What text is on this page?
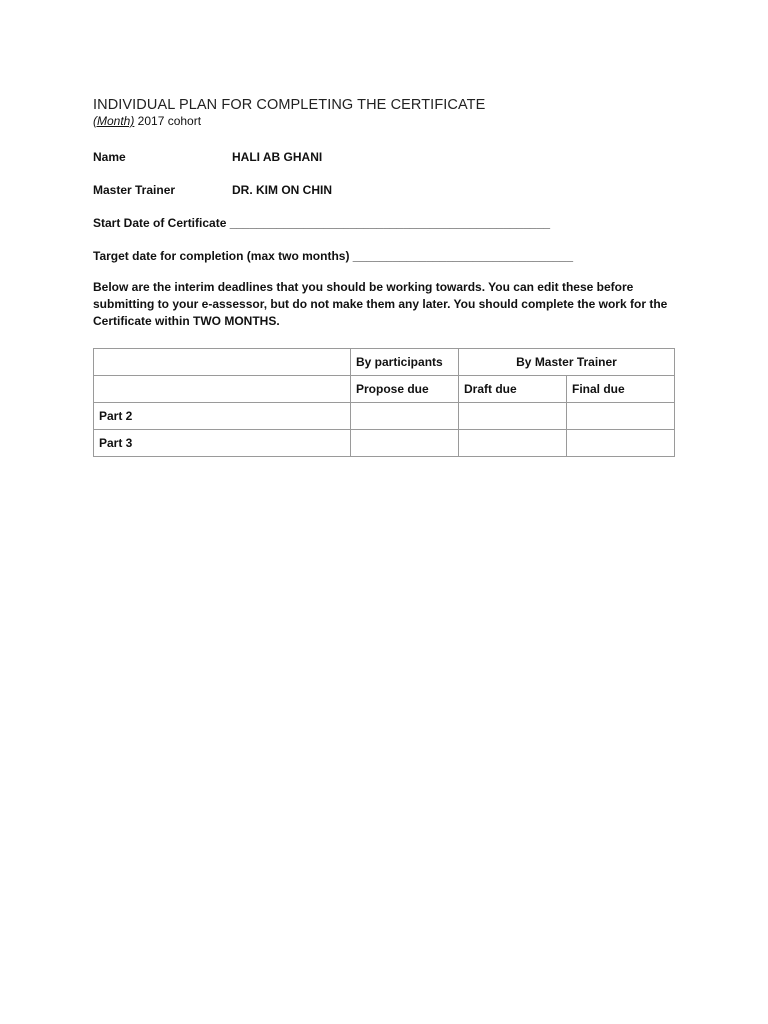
INDIVIDUAL PLAN FOR COMPLETING THE CERTIFICATE
(Month) 2017 cohort
Name	HALI AB GHANI
Master Trainer	DR. KIM ON CHIN
Start Date of Certificate ________________________________________________
Target date for completion (max two months) _________________________________
Below are the interim deadlines that you should be working towards. You can edit these before submitting to your e-assessor, but do not make them any later. You should complete the work for the Certificate within TWO MONTHS.
	By participants	By Master Trainer	
	Propose due	Draft due	Final due
Part 2			
Part 3			
